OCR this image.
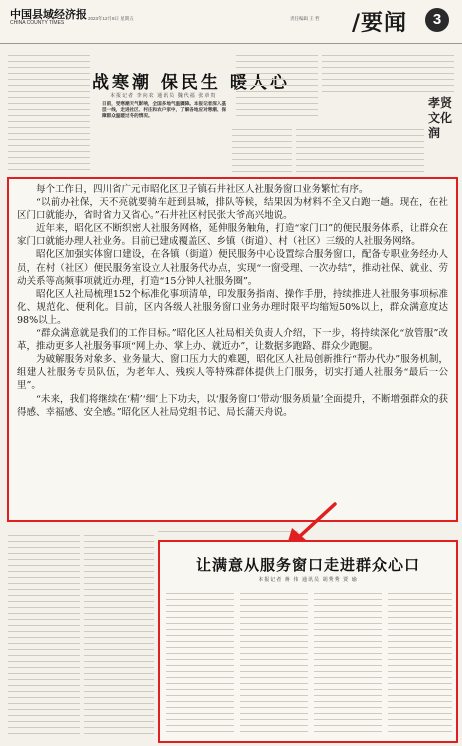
中国县域经济报
CHINA COUNTY TIMES
2023年12月8日 星期五	责任编辑 王 哲 /要闻	3
战寒潮 保民生 暖人心
本报记者 李向农 通讯员 魏代福 张章贵
日前，受寒潮天气影响，全国多地气温骤降。本报记者深入基层一线，走进社区、村庄和农户家中，了解各地应对寒潮、保障群众温暖过冬的情况。
孝贤文化润

每个工作日，四川省广元市昭化区卫子镇石井社区人社服务窗口业务繁忙有序。

“以前办社保，天不亮就要骑车赶到县城，排队等候，结果因为材料不全又白跑一趟。现在，在社区门口就能办，省时省力又省心。”石井社区村民张大爷高兴地说。

近年来，昭化区不断织密人社服务网格，延伸服务触角，打造“家门口”的便民服务体系，让群众在家门口就能办理人社业务。目前已建成覆盖区、乡镇（街道）、村（社区）三级的人社服务网络。

昭化区加强实体窗口建设，在各镇（街道）便民服务中心设置综合服务窗口，配备专职业务经办人员，在村（社区）便民服务室设立人社服务代办点，实现“一窗受理、一次办结”，推动社保、就业、劳动关系等高频事项就近办理，打造“15分钟人社服务圈”。

昭化区人社局梳理152个标准化事项清单，印发服务指南、操作手册，持续推进人社服务事项标准化、规范化、便利化。目前，区内各级人社服务窗口业务办理时限平均缩短50%以上，群众满意度达98%以上。

“群众满意就是我们的工作目标。”昭化区人社局相关负责人介绍，下一步，将持续深化“放管服”改革，推动更多人社服务事项“网上办、掌上办、就近办”，让数据多跑路、群众少跑腿。

为破解服务对象多、业务量大、窗口压力大的难题，昭化区人社局创新推行“帮办代办”服务机制，组建人社服务专员队伍，为老年人、残疾人等特殊群体提供上门服务，切实打通人社服务“最后一公里”。

“未来，我们将继续在‘精’‘细’上下功夫，以‘服务窗口’带动‘服务质量’全面提升，不断增强群众的获得感、幸福感、安全感。”昭化区人社局党组书记、局长蒲天舟说。

让满意从服务窗口走进群众心口
本报记者 蒋 伟 通讯员 胡秀秀 贾 瑜
